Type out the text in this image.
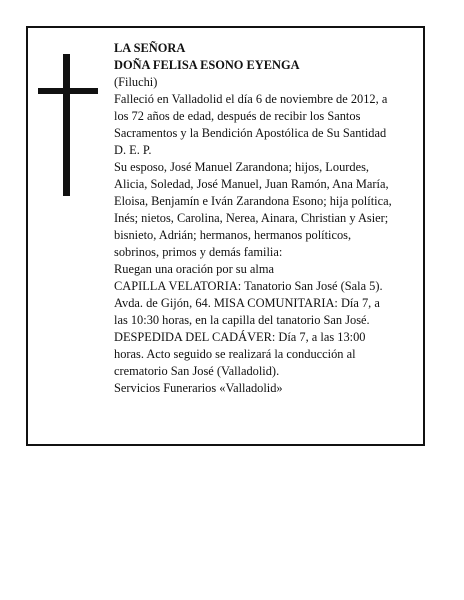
LA SEÑORA
DOÑA FELISA ESONO EYENGA
(Filuchi)
Falleció en Valladolid el día 6 de noviembre de 2012, a
los 72 años de edad, después de recibir los Santos
Sacramentos y la Bendición Apostólica de Su Santidad
D. E. P.
Su esposo, José Manuel Zarandona; hijos, Lourdes,
Alicia, Soledad, José Manuel, Juan Ramón, Ana María,
Eloisa, Benjamín e Iván Zarandona Esono; hija política,
Inés; nietos, Carolina, Nerea, Ainara, Christian y Asier;
bisnieto, Adrián; hermanos, hermanos políticos,
sobrinos, primos y demás familia:
Ruegan una oración por su alma
CAPILLA VELATORIA: Tanatorio San José (Sala 5).
Avda. de Gijón, 64. MISA COMUNITARIA: Día 7, a
las 10:30 horas, en la capilla del tanatorio San José.
DESPEDIDA DEL CADÁVER: Día 7, a las 13:00
horas. Acto seguido se realizará la conducción al
crematorio San José (Valladolid).
Servicios Funerarios «Valladolid»
